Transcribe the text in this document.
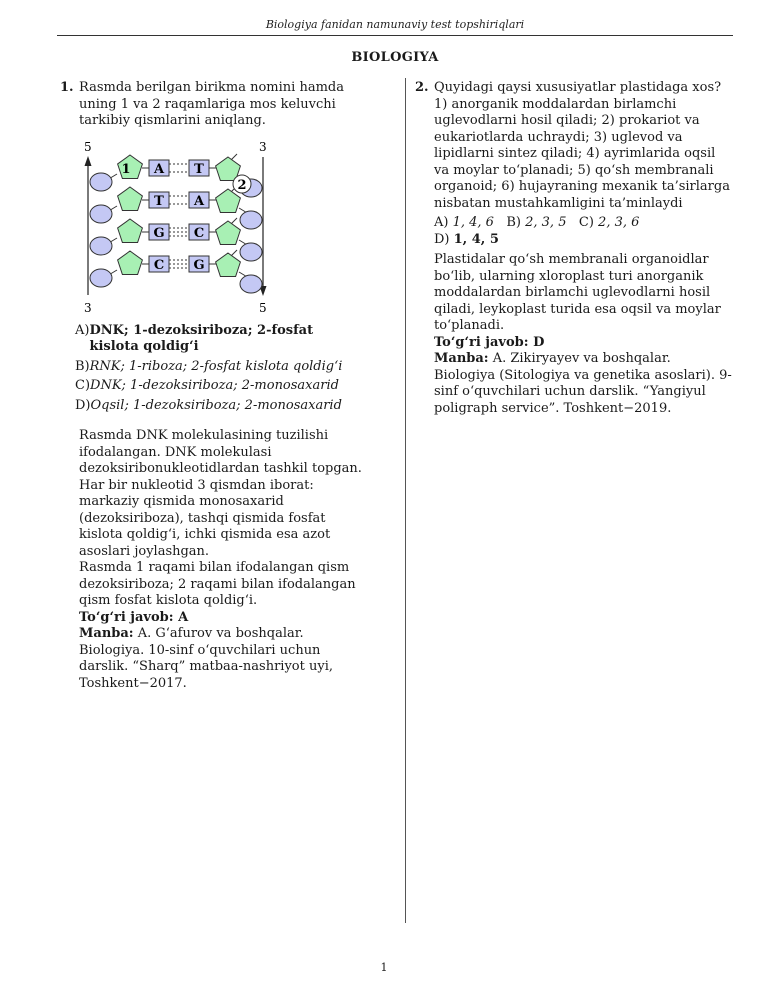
Biologiya fanidan namunaviy test topshiriqlari
BIOLOGIYA
1. Rasmda berilgan birikma nomini hamda uning 1 va 2 raqamlariga mos keluvchi tarkibiy qismlarini aniqlang.
5	3
3	5
A T
T A
G C
C G
1
2
A) DNK; 1-dezoksiriboza; 2-fosfat kislota qoldig‘i
B) RNK; 1-riboza; 2-fosfat kislota qoldig‘i
C) DNK; 1-dezoksiriboza; 2-monosaxarid
D) Oqsil; 1-dezoksiriboza; 2-monosaxarid

Rasmda DNK molekulasining tuzilishi ifodalangan. DNK molekulasi dezoksiribonukleotidlardan tashkil topgan. Har bir nukleotid 3 qismdan iborat: markaziy qismida monosaxarid (dezoksiriboza), tashqi qismida fosfat kislota qoldig‘i, ichki qismida esa azot asoslari joylashgan.

Rasmda 1 raqami bilan ifodalangan qism dezoksiriboza; 2 raqami bilan ifodalangan qism fosfat kislota qoldig‘i.

To‘g‘ri javob: A

Manba: A. G‘afurov va boshqalar. Biologiya. 10-sinf o‘quvchilari uchun darslik. “Sharq” matbaa-nashriyot uyi, Toshkent−2017.

2. Quyidagi qaysi xususiyatlar plastidaga xos? 1) anorganik moddalardan birlamchi uglevodlarni hosil qiladi; 2) prokariot va eukariotlarda uchraydi; 3) uglevod va lipidlarni sintez qiladi; 4) ayrimlarida oqsil va moylar to‘planadi; 5) qo‘sh membranali organoid; 6) hujayraning mexanik ta’sirlarga nisbatan mustahkamligini ta’minlaydi
A) 1, 4, 6 B) 2, 3, 5 C) 2, 3, 6
D) 1, 4, 5

Plastidalar qo‘sh membranali organoidlar bo‘lib, ularning xloroplast turi anorganik moddalardan birlamchi uglevodlarni hosil qiladi, leykoplast turida esa oqsil va moylar to‘planadi.

To‘g‘ri javob: D

Manba: A. Zikiryayev va boshqalar. Biologiya (Sitologiya va genetika asoslari). 9-sinf o‘quvchilari uchun darslik. “Yangiyul poligraph service”. Toshkent−2019.

1
